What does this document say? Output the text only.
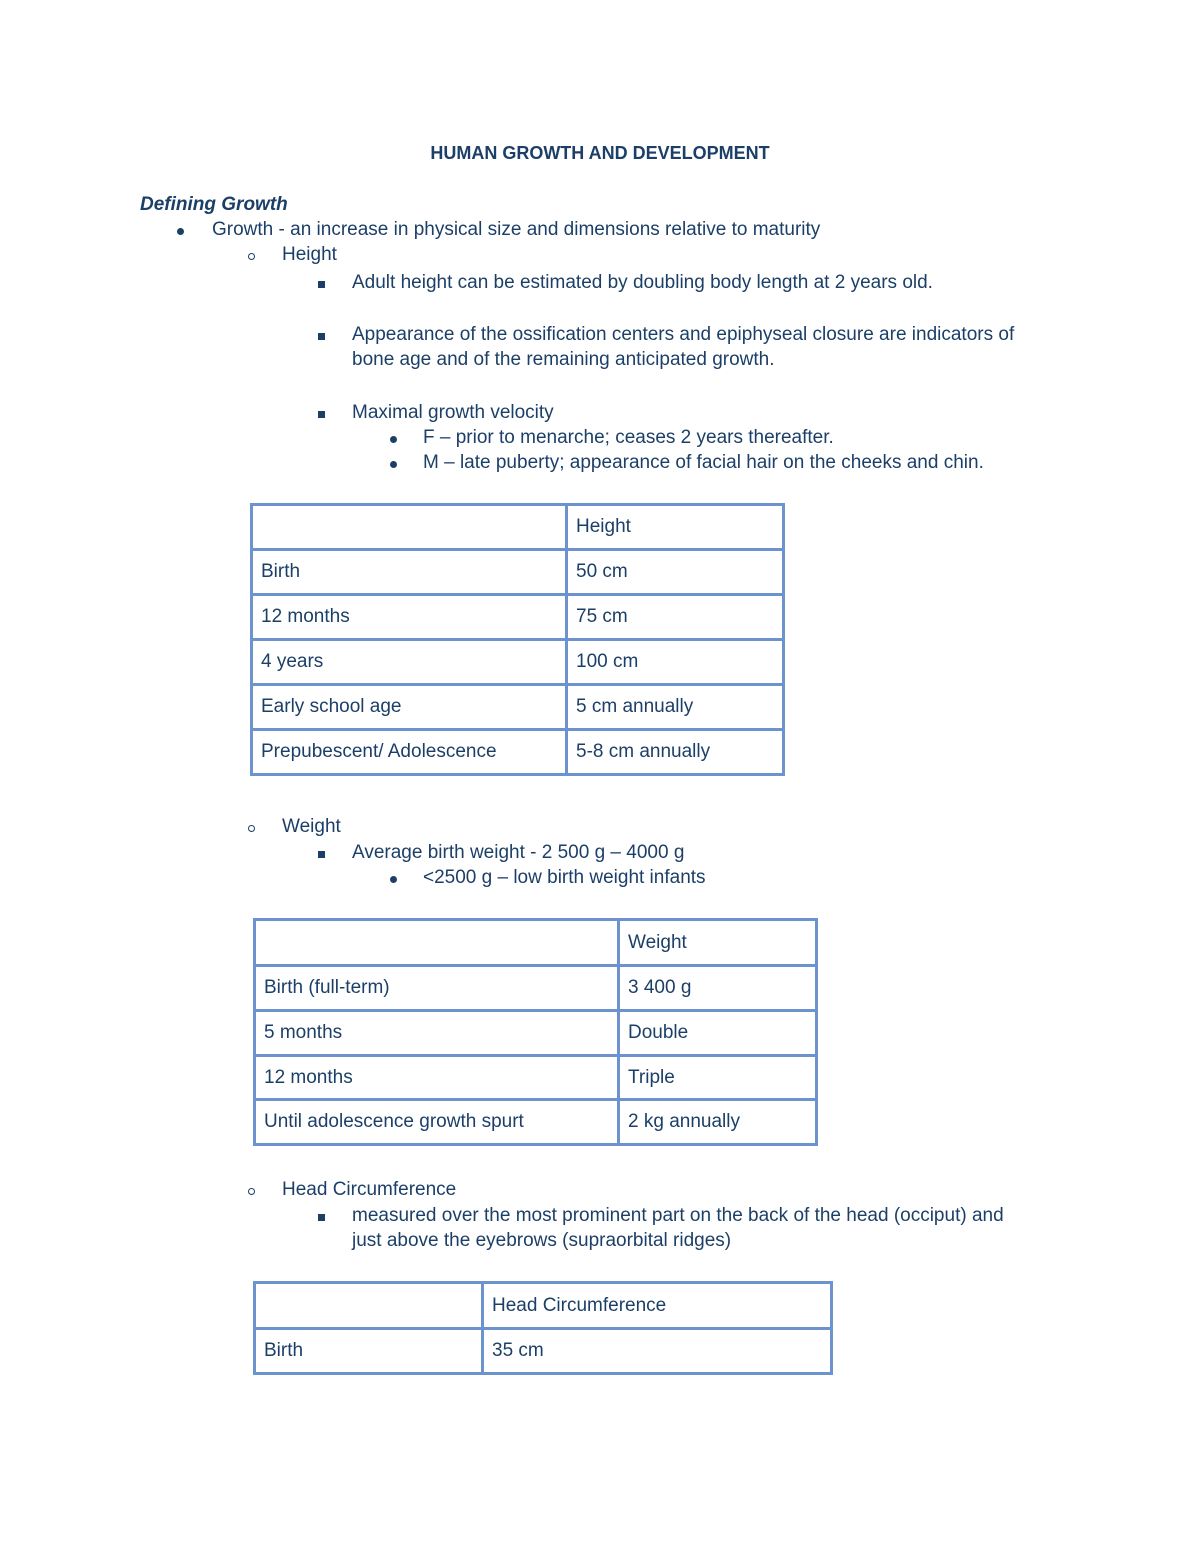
HUMAN GROWTH AND DEVELOPMENT
Defining Growth
Growth - an increase in physical size and dimensions relative to maturity
Height
Adult height can be estimated by doubling body length at 2 years old.
Appearance of the ossification centers and epiphyseal closure are indicators of
bone age and of the remaining anticipated growth.
Maximal growth velocity
F – prior to menarche; ceases 2 years thereafter.
M – late puberty; appearance of facial hair on the cheeks and chin.
	Height
Birth	50 cm
12 months	75 cm
4 years	100 cm
Early school age	5 cm annually
Prepubescent/ Adolescence	5-8 cm annually
Weight
Average birth weight - 2 500 g – 4000 g
<2500 g – low birth weight infants
	Weight
Birth (full-term)	3 400 g
5 months	Double
12 months	Triple
Until adolescence growth spurt	2 kg annually
Head Circumference
measured over the most prominent part on the back of the head (occiput) and
just above the eyebrows (supraorbital ridges)
	Head Circumference
Birth	35 cm
